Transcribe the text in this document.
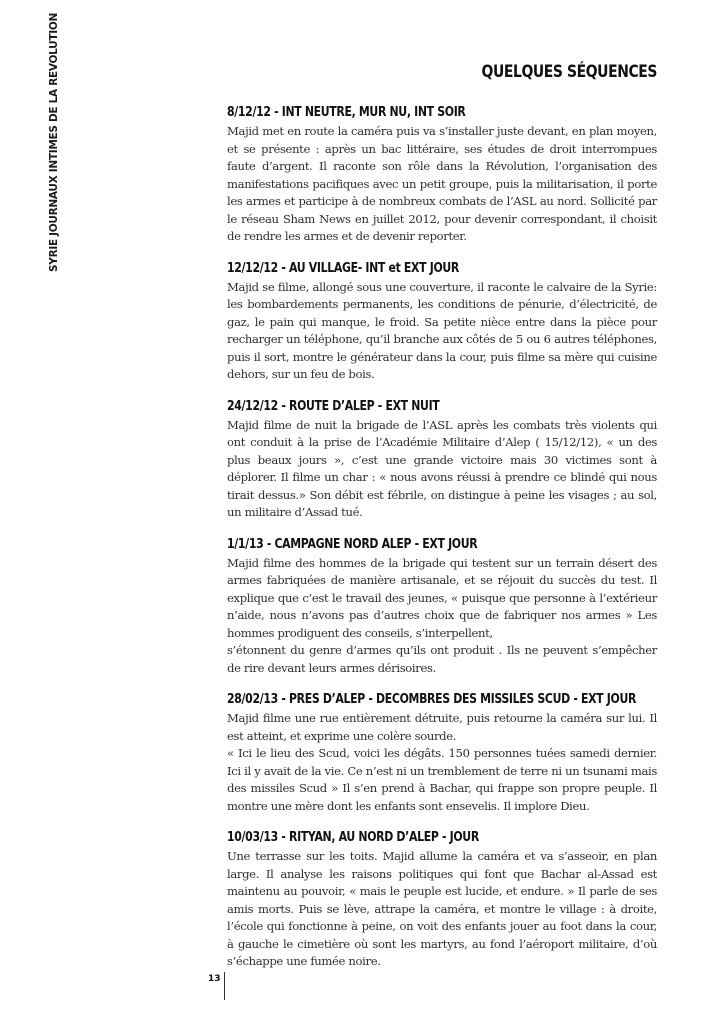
SYRIE JOURNAUX INTIMES DE LA REVOLUTION	QUELQUES SÉQUENCES
8/12/12 - INT NEUTRE, MUR NU, INT SOIR

Majid met en route la caméra puis va s’installer juste devant, en plan moyen, et se présente : après un bac littéraire, ses études de droit interrompues faute d’argent. Il raconte son rôle dans la Révolution, l’organisation des manifestations pacifiques avec un petit groupe, puis la militarisation, il porte les armes et participe à de nombreux combats de l’ASL au nord. Sollicité par le réseau Sham News en juillet 2012, pour devenir correspondant, il choisit de rendre les armes et de devenir reporter.

12/12/12 - AU VILLAGE- INT et EXT JOUR

Majid se filme, allongé sous une couverture, il raconte le calvaire de la Syrie: les bombardements permanents, les conditions de pénurie, d’électricité, de gaz, le pain qui manque, le froid. Sa petite nièce entre dans la pièce pour recharger un téléphone, qu’il branche aux côtés de 5 ou 6 autres téléphones, puis il sort, montre le générateur dans la cour, puis filme sa mère qui cuisine dehors, sur un feu de bois.

24/12/12 - ROUTE D’ALEP - EXT NUIT

Majid filme de nuit la brigade de l’ASL après les combats très violents qui ont conduit à la prise de l’Académie Militaire d’Alep ( 15/12/12), « un des plus beaux jours », c’est une grande victoire mais 30 victimes sont à déplorer. Il filme un char : « nous avons réussi à prendre ce blindé qui nous tirait dessus.» Son débit est fébrile, on distingue à peine les visages ; au sol, un militaire d’Assad tué.

1/1/13 - CAMPAGNE NORD ALEP - EXT JOUR

Majid filme des hommes de la brigade qui testent sur un terrain désert des armes fabriquées de manière artisanale, et se réjouit du succès du test. Il explique que c’est le travail des jeunes, « puisque que personne à l’extérieur n’aide, nous n’avons pas d’autres choix que de fabriquer nos armes » Les hommes prodiguent des conseils, s’interpellent,

s’étonnent du genre d’armes qu’ils ont produit . Ils ne peuvent s’empêcher de rire devant leurs armes dérisoires.

28/02/13 - PRES D’ALEP - DECOMBRES DES MISSILES SCUD - EXT JOUR

Majid filme une rue entièrement détruite, puis retourne la caméra sur lui. Il est atteint, et exprime une colère sourde.

« Ici le lieu des Scud, voici les dégâts. 150 personnes tuées samedi dernier. Ici il y avait de la vie. Ce n’est ni un tremblement de terre ni un tsunami mais des missiles Scud » Il s’en prend à Bachar, qui frappe son propre peuple. Il montre une mère dont les enfants sont ensevelis. Il implore Dieu.

10/03/13 - RITYAN, AU NORD D’ALEP - JOUR

Une terrasse sur les toits. Majid allume la caméra et va s’asseoir, en plan large. Il analyse les raisons politiques qui font que Bachar al-Assad est maintenu au pouvoir, « mais le peuple est lucide, et endure. » Il parle de ses amis morts. Puis se lève, attrape la caméra, et montre le village : à droite, l’école qui fonctionne à peine, on voit des enfants jouer au foot dans la cour, à gauche le cimetière où sont les martyrs, au fond l’aéroport militaire, d’où s’échappe une fumée noire.

13
